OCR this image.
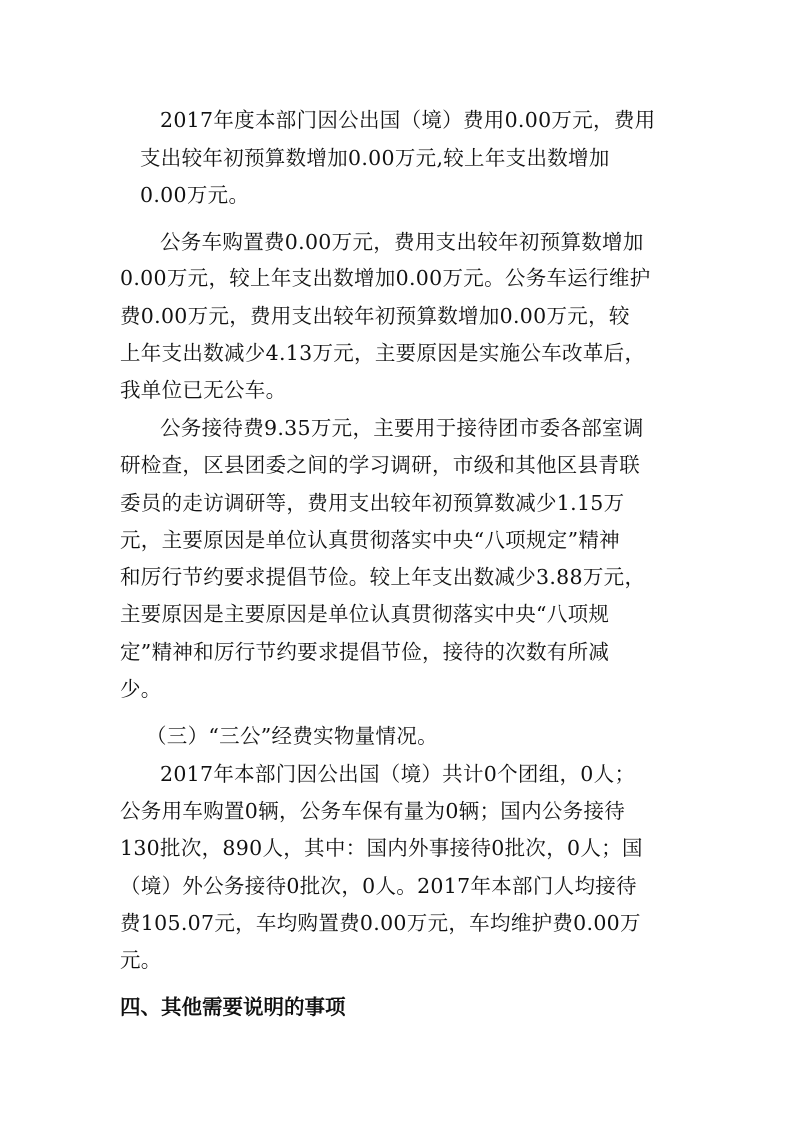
2017年度本部门因公出国（境）费用0.00万元，费用
支出较年初预算数增加0.00万元,较上年支出数增加
0.00万元。
公务车购置费0.00万元，费用支出较年初预算数增加
0.00万元，较上年支出数增加0.00万元。公务车运行维护
费0.00万元，费用支出较年初预算数增加0.00万元，较
上年支出数减少4.13万元，主要原因是实施公车改革后，
我单位已无公车。
公务接待费9.35万元，主要用于接待团市委各部室调
研检查，区县团委之间的学习调研，市级和其他区县青联
委员的走访调研等，费用支出较年初预算数减少1.15万
元，主要原因是单位认真贯彻落实中央“八项规定”精神
和厉行节约要求提倡节俭。较上年支出数减少3.88万元，
主要原因是主要原因是单位认真贯彻落实中央“八项规
定”精神和厉行节约要求提倡节俭，接待的次数有所减
少。
（三）“三公”经费实物量情况。
2017年本部门因公出国（境）共计0个团组，0人；
公务用车购置0辆，公务车保有量为0辆；国内公务接待
130批次，890人，其中：国内外事接待0批次，0人；国
（境）外公务接待0批次，0人。2017年本部门人均接待
费105.07元，车均购置费0.00万元，车均维护费0.00万
元。
四、其他需要说明的事项
